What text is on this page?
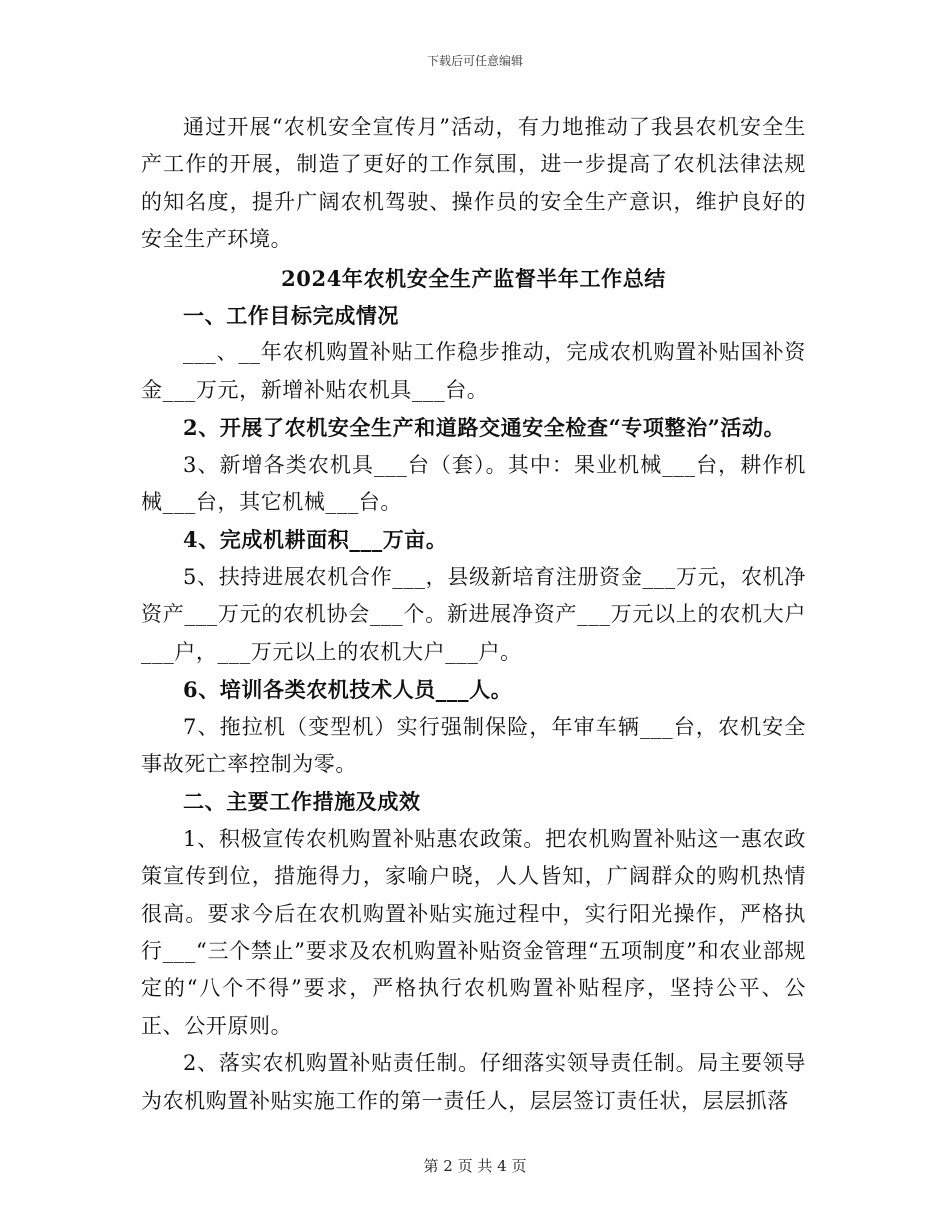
下载后可任意编辑

通过开展“农机安全宣传月”活动，有力地推动了我县农机安全生产工作的开展，制造了更好的工作氛围，进一步提高了农机法律法规的知名度，提升广阔农机驾驶、操作员的安全生产意识，维护良好的安全生产环境。

2024年农机安全生产监督半年工作总结

一、工作目标完成情况

___、__年农机购置补贴工作稳步推动，完成农机购置补贴国补资金___万元，新增补贴农机具___台。

2、开展了农机安全生产和道路交通安全检查“专项整治”活动。

3、新增各类农机具___台（套）。其中：果业机械___台，耕作机械___台，其它机械___台。

4、完成机耕面积___万亩。

5、扶持进展农机合作___，县级新培育注册资金___万元，农机净资产___万元的农机协会___个。新进展净资产___万元以上的农机大户___户，___万元以上的农机大户___户。

6、培训各类农机技术人员___人。

7、拖拉机（变型机）实行强制保险，年审车辆___台，农机安全事故死亡率控制为零。

二、主要工作措施及成效

1、积极宣传农机购置补贴惠农政策。把农机购置补贴这一惠农政策宣传到位，措施得力，家喻户晓，人人皆知，广阔群众的购机热情很高。要求今后在农机购置补贴实施过程中，实行阳光操作，严格执行___“三个禁止”要求及农机购置补贴资金管理“五项制度”和农业部规定的“八个不得”要求，严格执行农机购置补贴程序，坚持公平、公正、公开原则。

2、落实农机购置补贴责任制。仔细落实领导责任制。局主要领导为农机购置补贴实施工作的第一责任人，层层签订责任状，层层抓落

第 2 页 共 4 页
